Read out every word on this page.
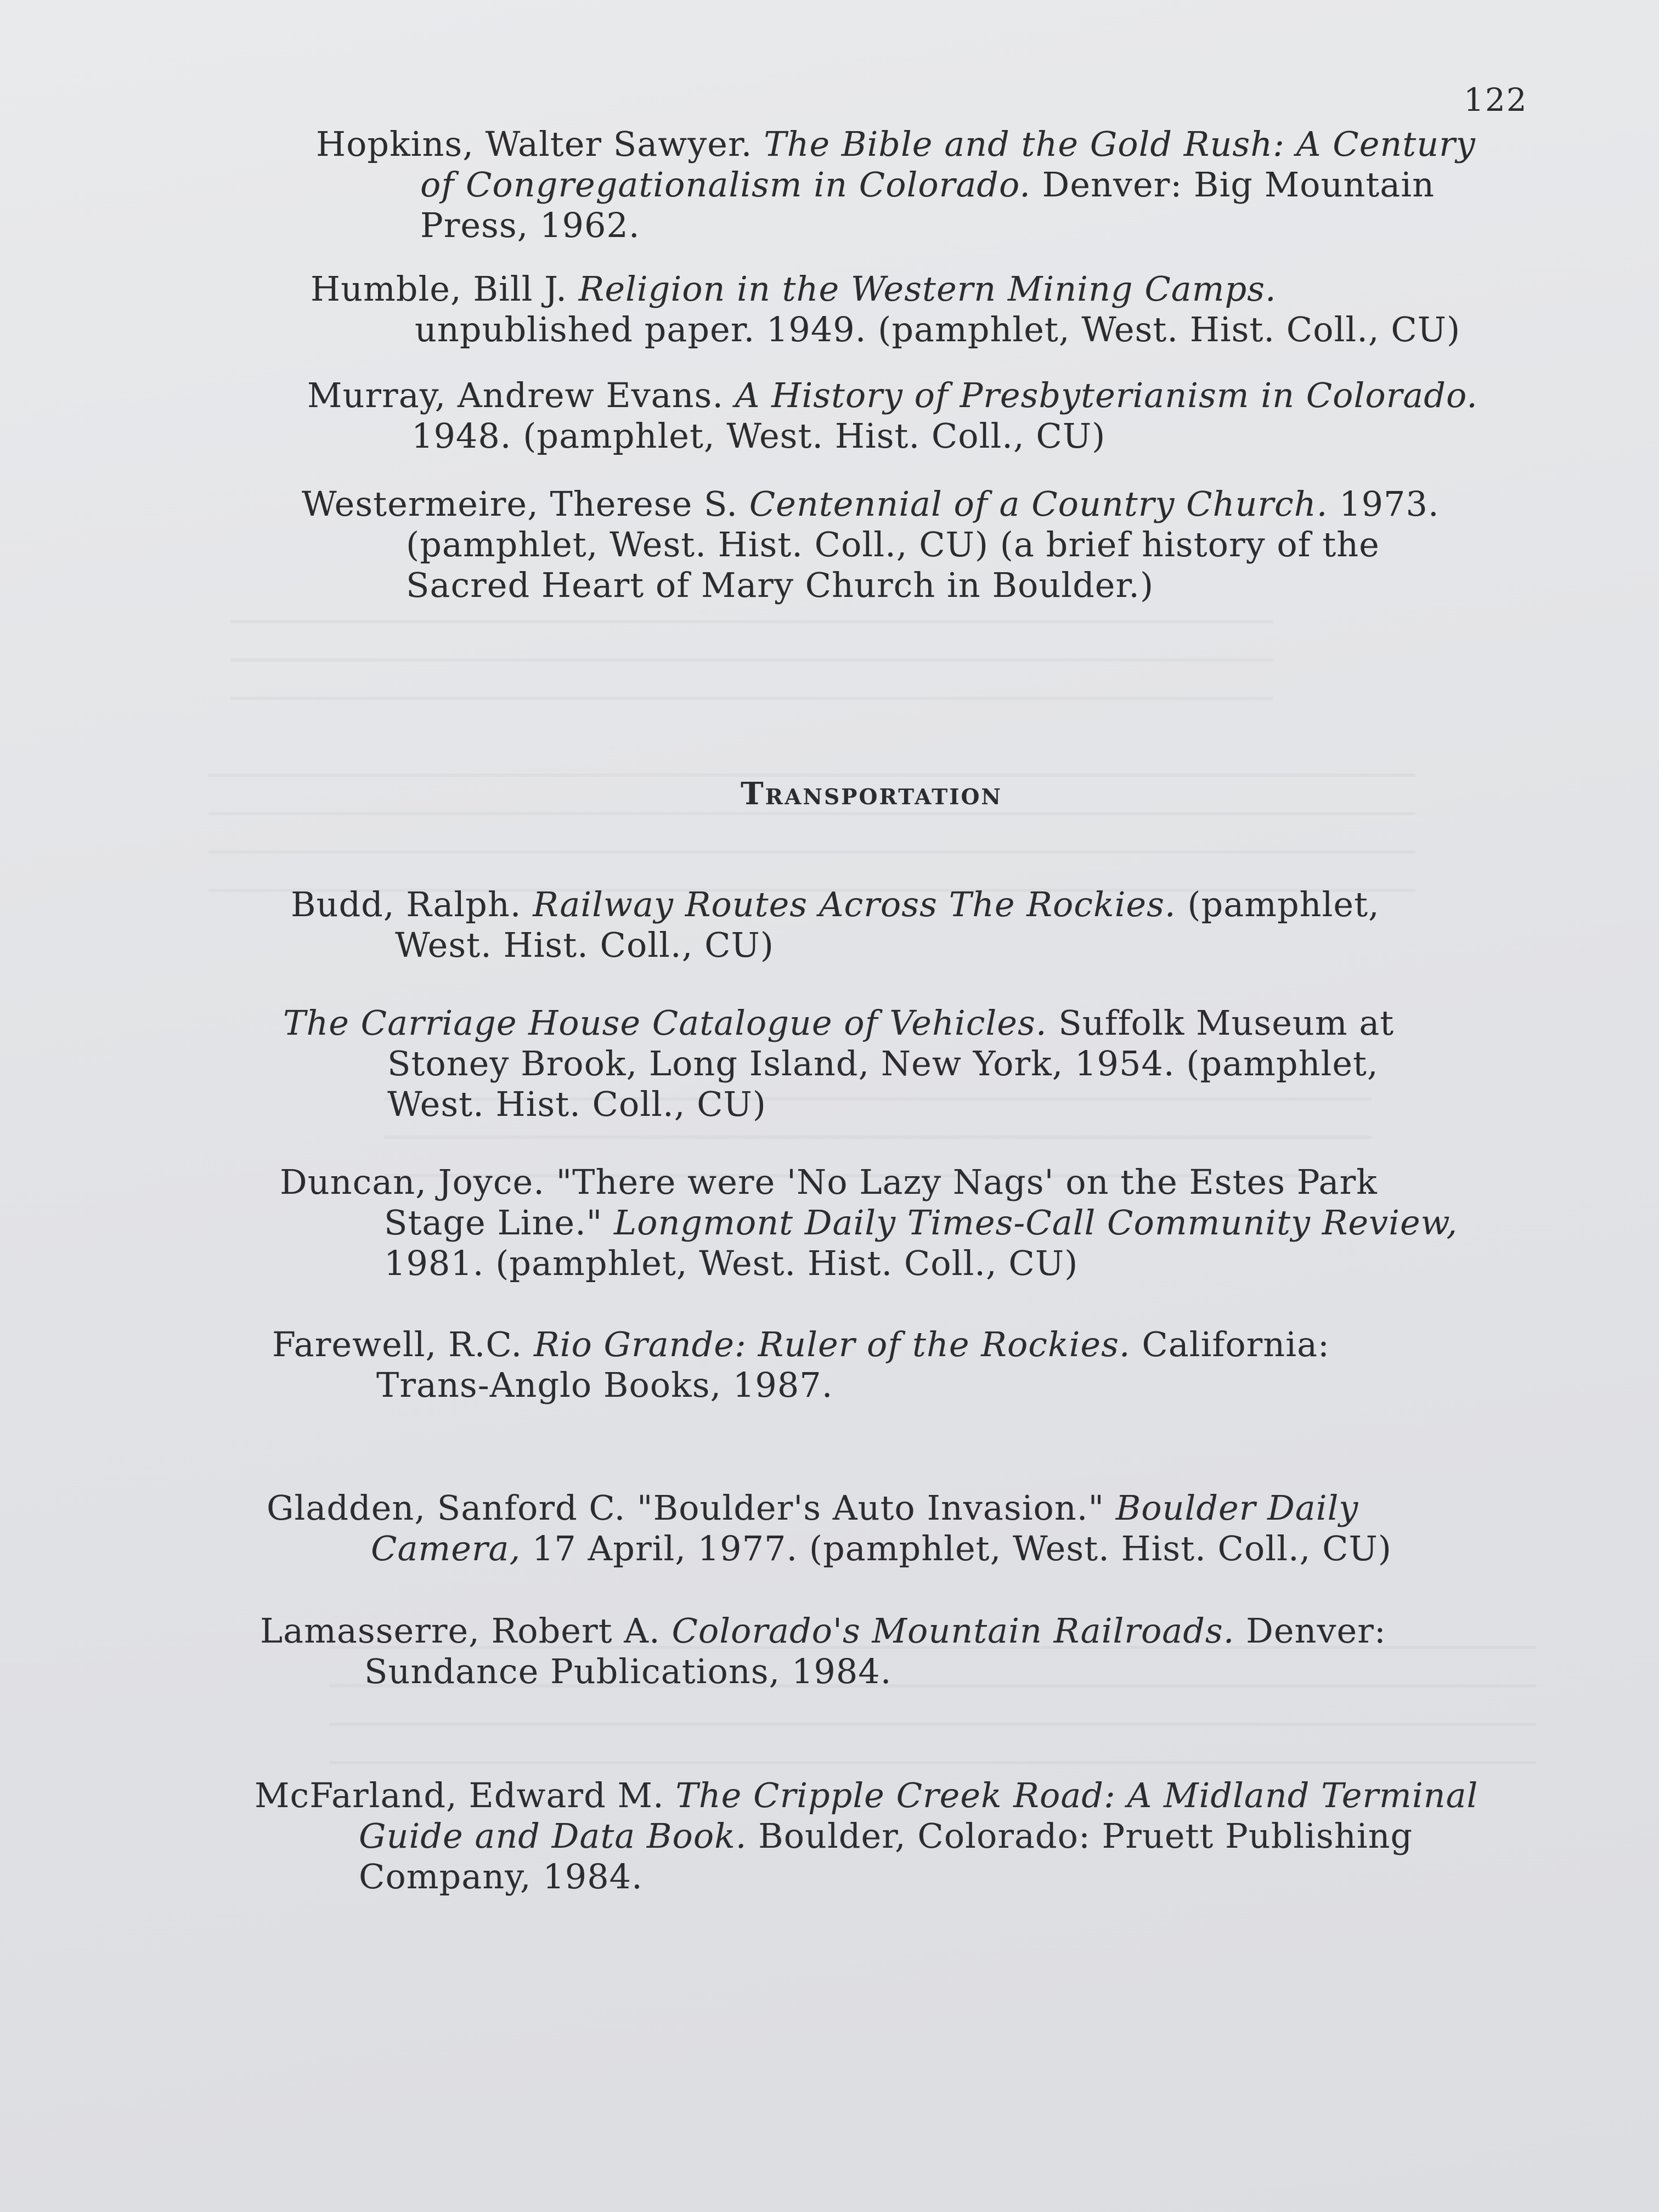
122

Hopkins, Walter Sawyer. The Bible and the Gold Rush: A Century of Congregationalism in Colorado. Denver: Big Mountain Press, 1962.

Humble, Bill J. Religion in the Western Mining Camps. unpublished paper. 1949. (pamphlet, West. Hist. Coll., CU)

Murray, Andrew Evans. A History of Presbyterianism in Colorado. 1948. (pamphlet, West. Hist. Coll., CU)

Westermeire, Therese S. Centennial of a Country Church. 1973. (pamphlet, West. Hist. Coll., CU) (a brief history of the Sacred Heart of Mary Church in Boulder.)

Transportation

Budd, Ralph. Railway Routes Across The Rockies. (pamphlet, West. Hist. Coll., CU)

The Carriage House Catalogue of Vehicles. Suffolk Museum at Stoney Brook, Long Island, New York, 1954. (pamphlet, West. Hist. Coll., CU)

Duncan, Joyce. "There were 'No Lazy Nags' on the Estes Park Stage Line." Longmont Daily Times-Call Community Review, 1981. (pamphlet, West. Hist. Coll., CU)

Farewell, R.C. Rio Grande: Ruler of the Rockies. California: Trans-Anglo Books, 1987.

Gladden, Sanford C. "Boulder's Auto Invasion." Boulder Daily Camera, 17 April, 1977. (pamphlet, West. Hist. Coll., CU)

Lamasserre, Robert A. Colorado's Mountain Railroads. Denver: Sundance Publications, 1984.

McFarland, Edward M. The Cripple Creek Road: A Midland Terminal Guide and Data Book. Boulder, Colorado: Pruett Publishing Company, 1984.
